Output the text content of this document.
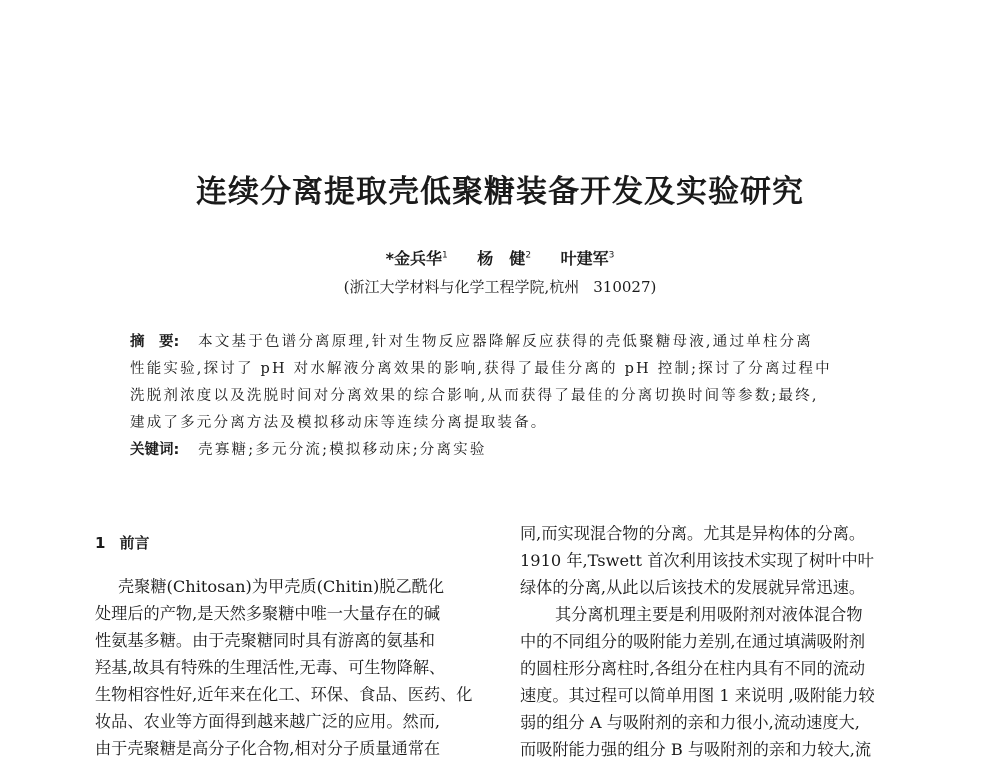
连续分离提取壳低聚糖装备开发及实验研究
*金兵华$^1$ 杨　健$^2$ 叶建军$^3$
(浙江大学材料与化学工程学院,杭州 310027)
摘　要: 本文基于色谱分离原理,针对生物反应器降解反应获得的壳低聚糖母液,通过单柱分离
性能实验,探讨了 pH 对水解液分离效果的影响,获得了最佳分离的 pH 控制;探讨了分离过程中
洗脱剂浓度以及洗脱时间对分离效果的综合影响,从而获得了最佳的分离切换时间等参数;最终,
建成了多元分离方法及模拟移动床等连续分离提取装备。
关键词: 壳寡糖;多元分流;模拟移动床;分离实验
1 前言
壳聚糖(Chitosan)为甲壳质(Chitin)脱乙酰化
处理后的产物,是天然多聚糖中唯一大量存在的碱
性氨基多糖。由于壳聚糖同时具有游离的氨基和
羟基,故具有特殊的生理活性,无毒、可生物降解、
生物相容性好,近年来在化工、环保、食品、医药、化
妆品、农业等方面得到越来越广泛的应用。然而,
由于壳聚糖是高分子化合物,相对分子质量通常在
同,而实现混合物的分离。尤其是异构体的分离。
1910 年,Tswett 首次利用该技术实现了树叶中叶
绿体的分离,从此以后该技术的发展就异常迅速。
其分离机理主要是利用吸附剂对液体混合物
中的不同组分的吸附能力差别,在通过填满吸附剂
的圆柱形分离柱时,各组分在柱内具有不同的流动
速度。其过程可以简单用图 1 来说明 ,吸附能力较
弱的组分 A 与吸附剂的亲和力很小,流动速度大,
而吸附能力强的组分 B 与吸附剂的亲和力较大,流
